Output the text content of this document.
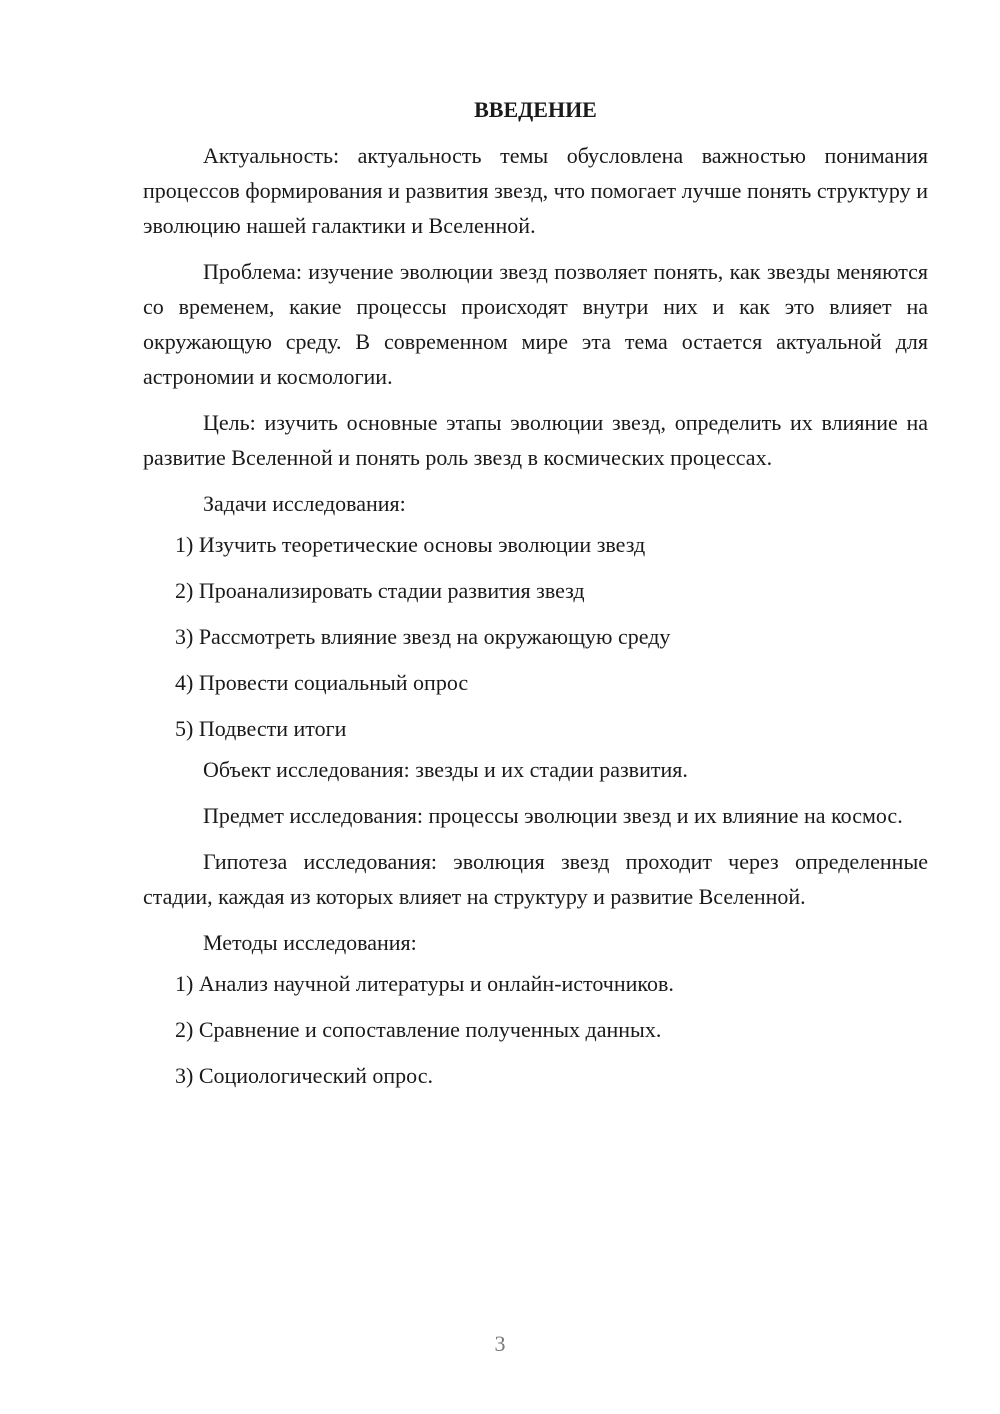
ВВЕДЕНИЕ

Актуальность: актуальность темы обусловлена важностью понимания процессов формирования и развития звезд, что помогает лучше понять структуру и эволюцию нашей галактики и Вселенной.

Проблема: изучение эволюции звезд позволяет понять, как звезды меняются со временем, какие процессы происходят внутри них и как это влияет на окружающую среду. В современном мире эта тема остается актуальной для астрономии и космологии.

Цель: изучить основные этапы эволюции звезд, определить их влияние на развитие Вселенной и понять роль звезд в космических процессах.

Задачи исследования:

1) Изучить теоретические основы эволюции звезд

2) Проанализировать стадии развития звезд

3) Рассмотреть влияние звезд на окружающую среду

4) Провести социальный опрос

5) Подвести итоги

Объект исследования: звезды и их стадии развития.

Предмет исследования: процессы эволюции звезд и их влияние на космос.

Гипотеза исследования: эволюция звезд проходит через определенные стадии, каждая из которых влияет на структуру и развитие Вселенной.

Методы исследования:

1) Анализ научной литературы и онлайн-источников.

2) Сравнение и сопоставление полученных данных.

3) Социологический опрос.

3
